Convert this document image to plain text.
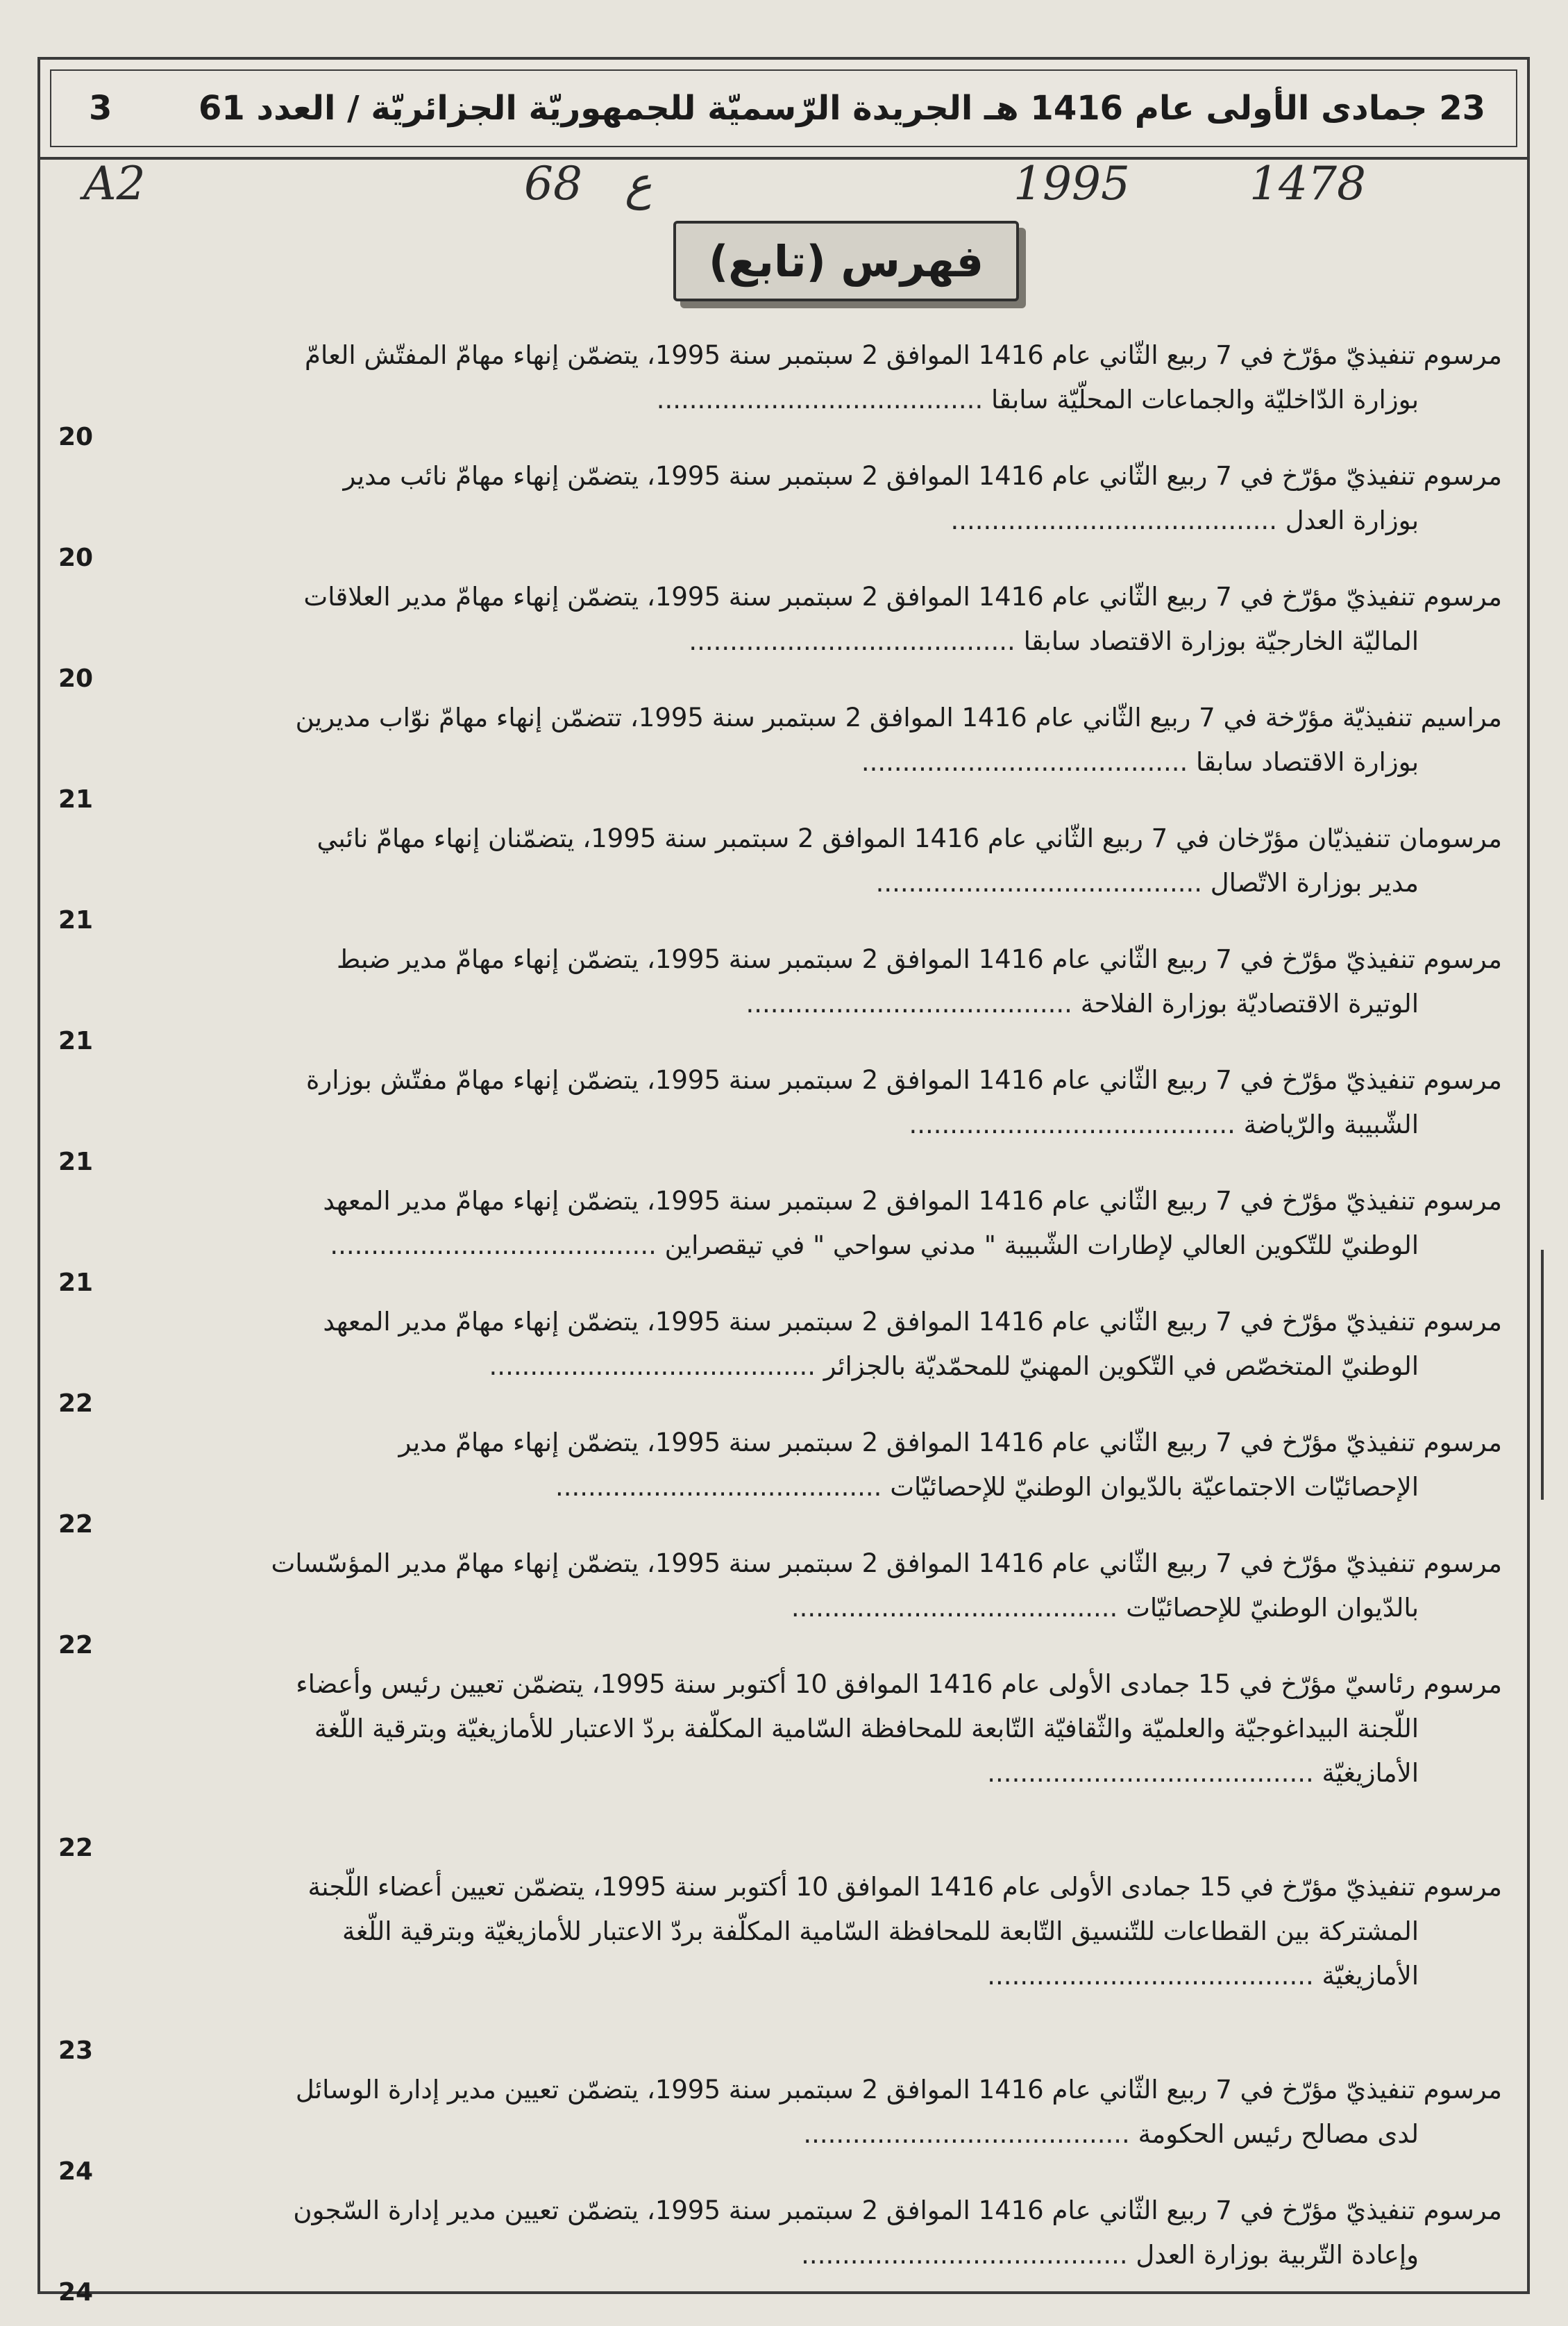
23 جمادى الأولى عام 1416 هـ الجريدة الرّسميّة للجمهوريّة الجزائريّة / العدد 61
3
A2	68 ع	1995	1478
فهرس (تابع)
مرسوم تنفيذيّ مؤرّخ في 7 ربيع الثّاني عام 1416 الموافق 2 سبتمبر سنة 1995، يتضمّن إنهاء مهامّ المفتّش العامّ
بوزارة الدّاخليّة والجماعات المحلّيّة سابقا ........................................
20
مرسوم تنفيذيّ مؤرّخ في 7 ربيع الثّاني عام 1416 الموافق 2 سبتمبر سنة 1995، يتضمّن إنهاء مهامّ نائب مدير
بوزارة العدل ........................................
20
مرسوم تنفيذيّ مؤرّخ في 7 ربيع الثّاني عام 1416 الموافق 2 سبتمبر سنة 1995، يتضمّن إنهاء مهامّ مدير العلاقات
الماليّة الخارجيّة بوزارة الاقتصاد سابقا ........................................
20
مراسيم تنفيذيّة مؤرّخة في 7 ربيع الثّاني عام 1416 الموافق 2 سبتمبر سنة 1995، تتضمّن إنهاء مهامّ نوّاب مديرين
بوزارة الاقتصاد سابقا ........................................
21
مرسومان تنفيذيّان مؤرّخان في 7 ربيع الثّاني عام 1416 الموافق 2 سبتمبر سنة 1995، يتضمّنان إنهاء مهامّ نائبي
مدير بوزارة الاتّصال ........................................
21
مرسوم تنفيذيّ مؤرّخ في 7 ربيع الثّاني عام 1416 الموافق 2 سبتمبر سنة 1995، يتضمّن إنهاء مهامّ مدير ضبط
الوتيرة الاقتصاديّة بوزارة الفلاحة ........................................
21
مرسوم تنفيذيّ مؤرّخ في 7 ربيع الثّاني عام 1416 الموافق 2 سبتمبر سنة 1995، يتضمّن إنهاء مهامّ مفتّش بوزارة
الشّبيبة والرّياضة ........................................
21
مرسوم تنفيذيّ مؤرّخ في 7 ربيع الثّاني عام 1416 الموافق 2 سبتمبر سنة 1995، يتضمّن إنهاء مهامّ مدير المعهد
الوطنيّ للتّكوين العالي لإطارات الشّبيبة " مدني سواحي " في تيقصراين ........................................
21
مرسوم تنفيذيّ مؤرّخ في 7 ربيع الثّاني عام 1416 الموافق 2 سبتمبر سنة 1995، يتضمّن إنهاء مهامّ مدير المعهد
الوطنيّ المتخصّص في التّكوين المهنيّ للمحمّديّة بالجزائر ........................................
22
مرسوم تنفيذيّ مؤرّخ في 7 ربيع الثّاني عام 1416 الموافق 2 سبتمبر سنة 1995، يتضمّن إنهاء مهامّ مدير
الإحصائيّات الاجتماعيّة بالدّيوان الوطنيّ للإحصائيّات ........................................
22
مرسوم تنفيذيّ مؤرّخ في 7 ربيع الثّاني عام 1416 الموافق 2 سبتمبر سنة 1995، يتضمّن إنهاء مهامّ مدير المؤسّسات
بالدّيوان الوطنيّ للإحصائيّات ........................................
22
مرسوم رئاسيّ مؤرّخ في 15 جمادى الأولى عام 1416 الموافق 10 أكتوبر سنة 1995، يتضمّن تعيين رئيس وأعضاء
اللّجنة البيداغوجيّة والعلميّة والثّقافيّة التّابعة للمحافظة السّامية المكلّفة بردّ الاعتبار للأمازيغيّة وبترقية اللّغة
الأمازيغيّة ........................................
22
مرسوم تنفيذيّ مؤرّخ في 15 جمادى الأولى عام 1416 الموافق 10 أكتوبر سنة 1995، يتضمّن تعيين أعضاء اللّجنة
المشتركة بين القطاعات للتّنسيق التّابعة للمحافظة السّامية المكلّفة بردّ الاعتبار للأمازيغيّة وبترقية اللّغة
الأمازيغيّة ........................................
23
مرسوم تنفيذيّ مؤرّخ في 7 ربيع الثّاني عام 1416 الموافق 2 سبتمبر سنة 1995، يتضمّن تعيين مدير إدارة الوسائل
لدى مصالح رئيس الحكومة ........................................
24
مرسوم تنفيذيّ مؤرّخ في 7 ربيع الثّاني عام 1416 الموافق 2 سبتمبر سنة 1995، يتضمّن تعيين مدير إدارة السّجون
وإعادة التّربية بوزارة العدل ........................................
24
